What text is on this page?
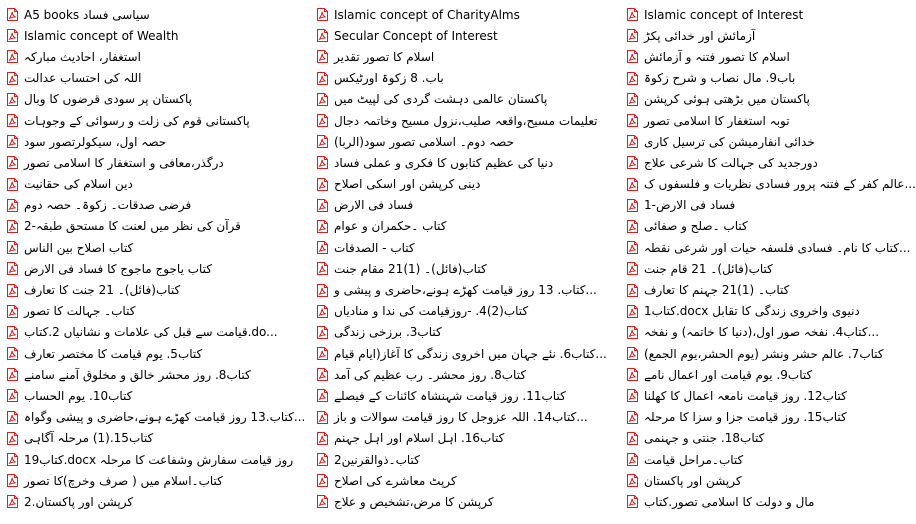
A5 books سیاسی فساد
Islamic concept of Wealth
استغفار، احادیث مبارکہ
اللہ کی احتساب عدالت
پاکستان پر سودی قرضوں کا وبال
پاکستانی قوم کی زلت و رسوائی کے وجوہات
حصہ اول، سیکولرتصور سود
درگذر،معافی و استغفار کا اسلامی تصور
دین اسلام کی حقانیت
فرضی صدقات۔ زکوۃ۔ حصہ دوم
قرآن کی نظر میں لعنت کا مستحق طبقہ-2
کتاب اصلاح بین الناس
کتاب یاجوج ماجوج کا فساد فی الارض
کتاب(فائل)۔ 21 جنت کا تعارف
کتاب۔ جہالت کا تصور
قیامت سے قبل کی علامات و نشانیاں 2.کتاب.do...
کتاب5. یوم قیامت کا مختصر تعارف
کتاب8. روز محشر خالق و مخلوق آمنے سامنے
کتاب10. یوم الحساب
کتاب.13 روز قیامت کھڑے ہونے،حاضری و پیشی وگواہ...
کتاب15.(1) مرحلہ آگاہی
کتاب19.docx روز قیامت سفارش وشفاعت کا مرحلہ
کتاب۔اسلام میں ( صرف وخرچ)کا تصور
کرپشن اور پاکستان.2
Islamic concept of CharityAlms
Secular Concept of Interest
اسلام کا تصور تقدیر
باب. 8 زکوۃ اورٹیکس
پاکستان عالمی دہشت گردی کی لپیٹ میں
تعلیمات مسیح،واقعہ صلیب،نزول مسیح وخاتمہ دجال
حصہ دوم۔ اسلامی تصور سود(الربا)
دنیا کی عظیم کتابوں کا فکری و عملی فساد
دینی کرپشن اور اسکی اصلاح
فساد فی الارض
کتاب ۔حکمران و عوام
کتاب - الصدقات
کتاب(فائل)۔ (1)21 مقام جنت
کتاب. 13 روز قیامت کھڑے ہونے،حاضری و پیشی و...
کتاب(2)4. -روزقیامت کی ندا و منادیاں
کتاب3. برزخی زندگی
کتاب6. نئے جہان میں اخروی زندگی کا آغاز(ایام قیام...
کتاب8. روز محشر۔ رب عظیم کی آمد
کتاب11. روز قیامت شہنشاہ کائنات کے فیصلے
کتاب14. اللہ عزوجل کا روز قیامت سوالات و باز...
کتاب16. اہل اسلام اور اہل جہنم
کتاب۔ذوالقرنین2
کرپٹ معاشرے کی اصلاح
کرپشن کا مرض،تشخیص و علاج
Islamic concept of Interest
آزمائش اور خدائی پکڑ
اسلام کا تصور فتنہ و آزمائش
باب9. مال نصاب و شرح زکوۃ
پاکستان میں بڑھتی ہوئی کرپشن
توبہ استغفار کا اسلامی تصور
خدائی انفارمیشن کی ترسیل کاری
دورجدید کی جہالت کا شرعی علاج
عالم کفر کے فتنہ پرور فسادی نظریات و فلسفوں ک...
فساد فی الارض-1
کتاب ۔صلح و صفائی
کتاب کا نام۔ فسادی فلسفہ حیات اور شرعی نقطہ...
کتاب(فائل)۔ 21 قام جنت
کتاب۔ (1)21 جہنم کا تعارف
کتاب1.docx دنیوی واخروی زندگی کا تقابل
کتاب4. نفخہ صور اول،(دنیا کا خاتمہ) و نفخہ...
کتاب7. عالم حشر ونشر (یوم الحشر،یوم الجمع)
کتاب9. یوم قیامت اور اعمال نامے
کتاب12. روز قیامت نامعہ اعمال کا کھلنا
کتاب15. روز قیامت جزا و سزا کا مرحلہ
کتاب18. جنتی و جہنمی
کتاب۔مراحل قیامت
کرپشن اور پاکستان
مال و دولت کا اسلامی تصور.کتاب
